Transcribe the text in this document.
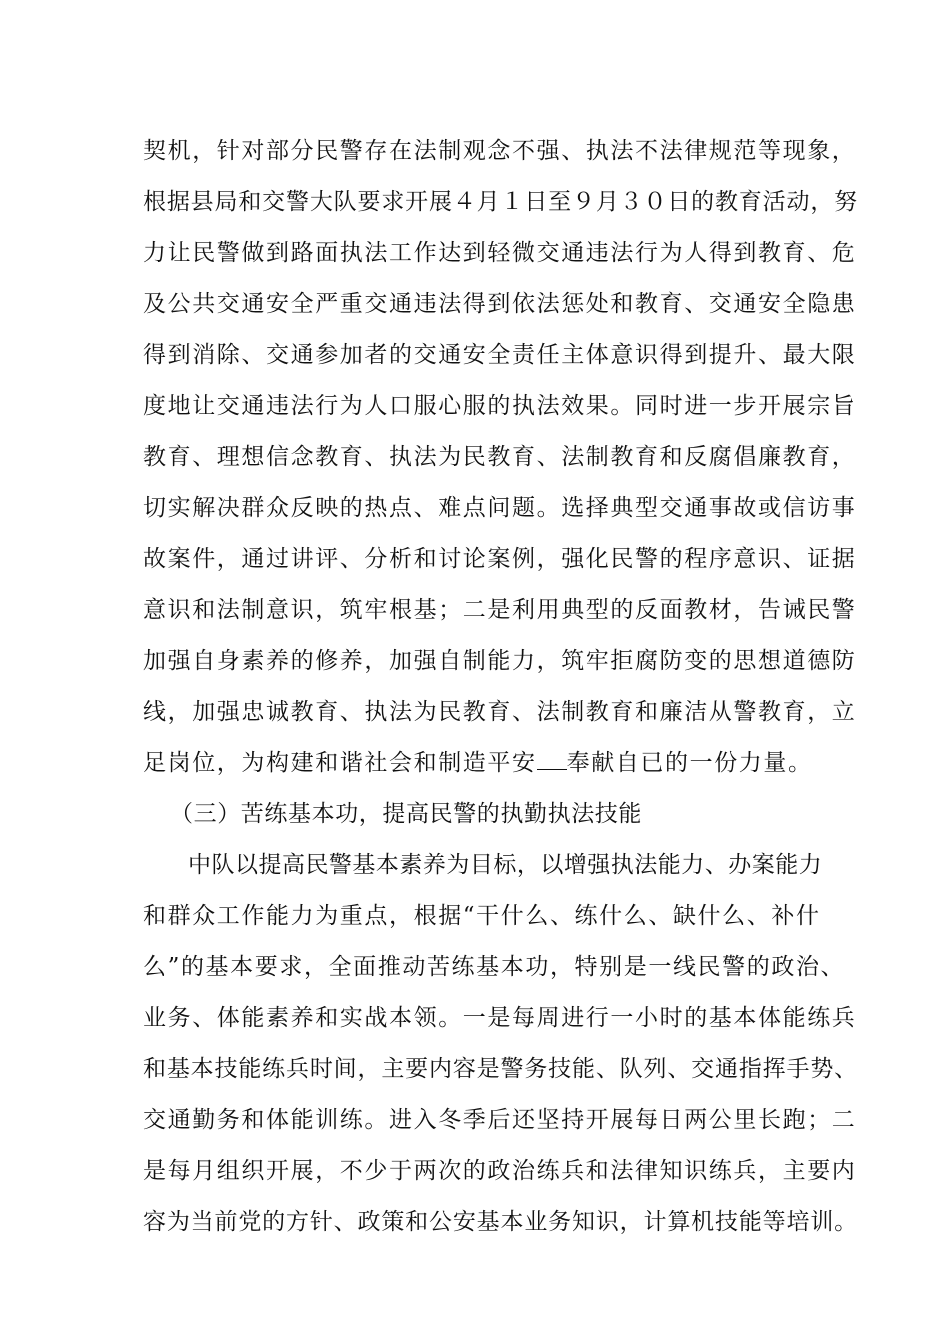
契机，针对部分民警存在法制观念不强、执法不法律规范等现象，
根据县局和交警大队要求开展４月１日至９月３０日的教育活动，努
力让民警做到路面执法工作达到轻微交通违法行为人得到教育、危
及公共交通安全严重交通违法得到依法惩处和教育、交通安全隐患
得到消除、交通参加者的交通安全责任主体意识得到提升、最大限
度地让交通违法行为人口服心服的执法效果。同时进一步开展宗旨
教育、理想信念教育、执法为民教育、法制教育和反腐倡廉教育，
切实解决群众反映的热点、难点问题。选择典型交通事故或信访事
故案件，通过讲评、分析和讨论案例，强化民警的程序意识、证据
意识和法制意识，筑牢根基；二是利用典型的反面教材，告诫民警
加强自身素养的修养，加强自制能力，筑牢拒腐防变的思想道德防
线，加强忠诚教育、执法为民教育、法制教育和廉洁从警教育，立
足岗位，为构建和谐社会和制造平安 奉献自已的一份力量。
（三）苦练基本功，提高民警的执勤执法技能
中队以提高民警基本素养为目标，以增强执法能力、办案能力
和群众工作能力为重点，根据“干什么、练什么、缺什么、补什
么”的基本要求，全面推动苦练基本功，特别是一线民警的政治、
业务、体能素养和实战本领。一是每周进行一小时的基本体能练兵
和基本技能练兵时间，主要内容是警务技能、队列、交通指挥手势、
交通勤务和体能训练。进入冬季后还坚持开展每日两公里长跑；二
是每月组织开展，不少于两次的政治练兵和法律知识练兵，主要内
容为当前党的方针、政策和公安基本业务知识，计算机技能等培训。
